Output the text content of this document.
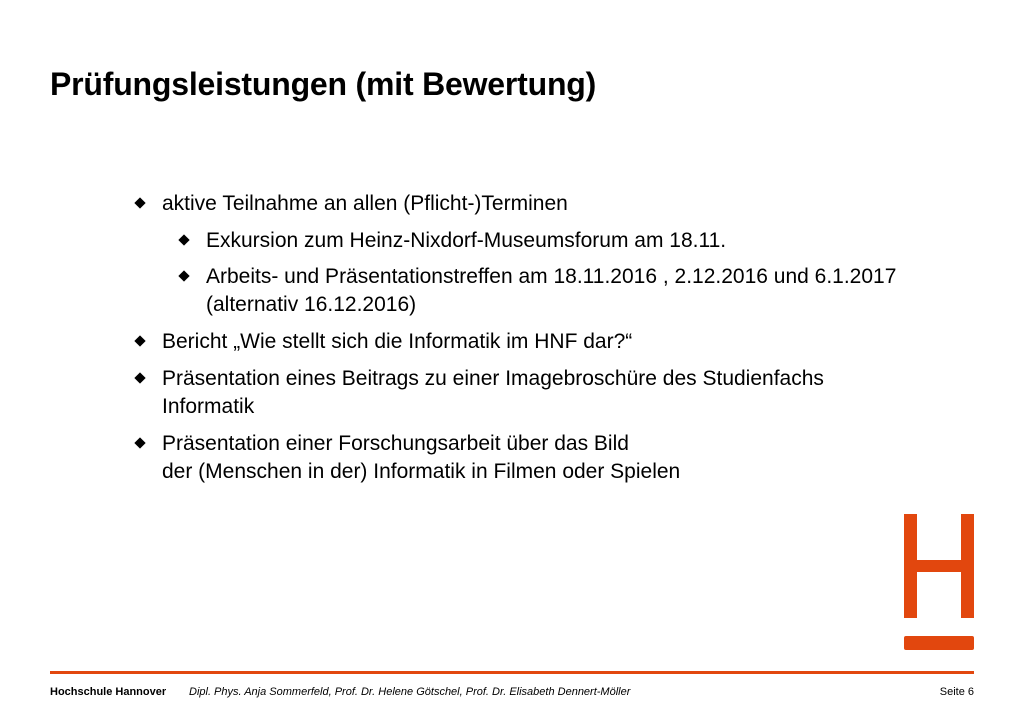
Prüfungsleistungen (mit Bewertung)
aktive Teilnahme an allen (Pflicht-)Terminen
Exkursion zum Heinz-Nixdorf-Museumsforum am 18.11.
Arbeits- und Präsentationstreffen am 18.11.2016 , 2.12.2016 und 6.1.2017
(alternativ 16.12.2016)
Bericht „Wie stellt sich die Informatik im HNF dar?“
Präsentation eines Beitrags zu einer Imagebroschüre des Studienfachs
Informatik
Präsentation einer Forschungsarbeit über das Bild
der (Menschen in der) Informatik in Filmen oder Spielen
Hochschule Hannover Dipl. Phys. Anja Sommerfeld, Prof. Dr. Helene Götschel, Prof. Dr. Elisabeth Dennert-Möller	Seite 6
